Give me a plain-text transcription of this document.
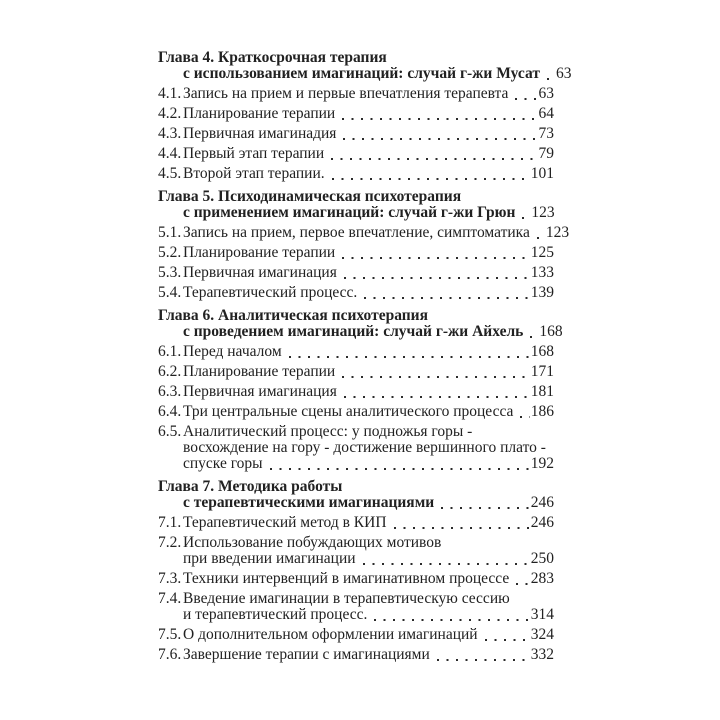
Глава 4. Краткосрочная терапия
с использованием имагинаций: случай г-жи Мусат 63
4.1. Запись на прием и первые впечатления терапевта 63
4.2. Планирование терапии	64
4.3. Первичная имагинадия	73
4.4. Первый этап терапии	79
4.5. Второй этап терапии.	101
Глава 5. Психодинамическая психотерапия
с применением имагинаций: случай г-жи Грюн 123
5.1. Запись на прием, первое впечатление, симптоматика 123
5.2. Планирование терапии	125
5.3. Первичная имагинация	133
5.4. Терапевтический процесс.	139
Глава 6. Аналитическая психотерапия
с проведением имагинаций: случай г-жи Айхель 168
6.1. Перед началом	168
6.2. Планирование терапии	171
6.3. Первичная имагинация	181
6.4. Три центральные сцены аналитического процесса 186
6.5. Аналитический процесс: у подножья горы -
восхождение на гору - достижение вершинного плато -
спуске горы	192
Глава 7. Методика работы
с терапевтическими имагинациями	246
7.1. Терапевтический метод в КИП	246
7.2. Использование побуждающих мотивов
при введении имагинации	250
7.3. Техники интервенций в имагинативном процессе 283
7.4. Введение имагинации в терапевтическую сессию
и терапевтический процесс.	314
7.5. О дополнительном оформлении имагинаций	324
7.6. Завершение терапии с имагинациями	332
